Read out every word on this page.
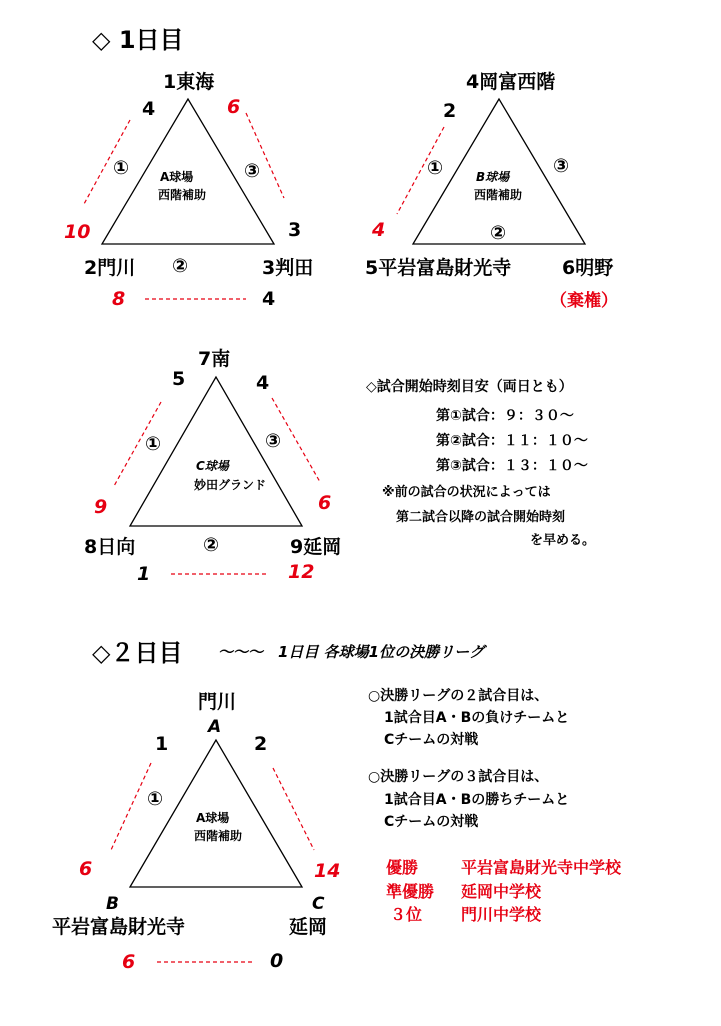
◇ 1日目
1東海
2門川	3判田
A球場
西階補助
①	③
②
4
10
6
3
8	4
4岡富西階
5平岩富島財光寺	6明野
（棄権）
B球場
西階補助
①	③
②
2
4
7南
8日向	9延岡
C球場
妙田グランド
①	③
②
5
9
4
6
1	12
◇試合開始時刻目安（両日とも）
第①試合：９：３０～
第②試合：１１：１０～
第③試合：１３：１０～
※前の試合の状況によっては
第二試合以降の試合開始時刻
を早める。
◇２日目 ～～～　1日目 各球場1位の決勝リーグ
門川
A
B
平岩富島財光寺
C
延岡
A球場
西階補助
①
1
6
2
14
6	0
○決勝リーグの２試合目は、
1試合目A・Bの負けチームと
Cチームの対戦
○決勝リーグの３試合目は、
1試合目A・Bの勝ちチームと
Cチームの対戦
優勝	平岩富島財光寺中学校
準優勝 延岡中学校
３位 門川中学校
